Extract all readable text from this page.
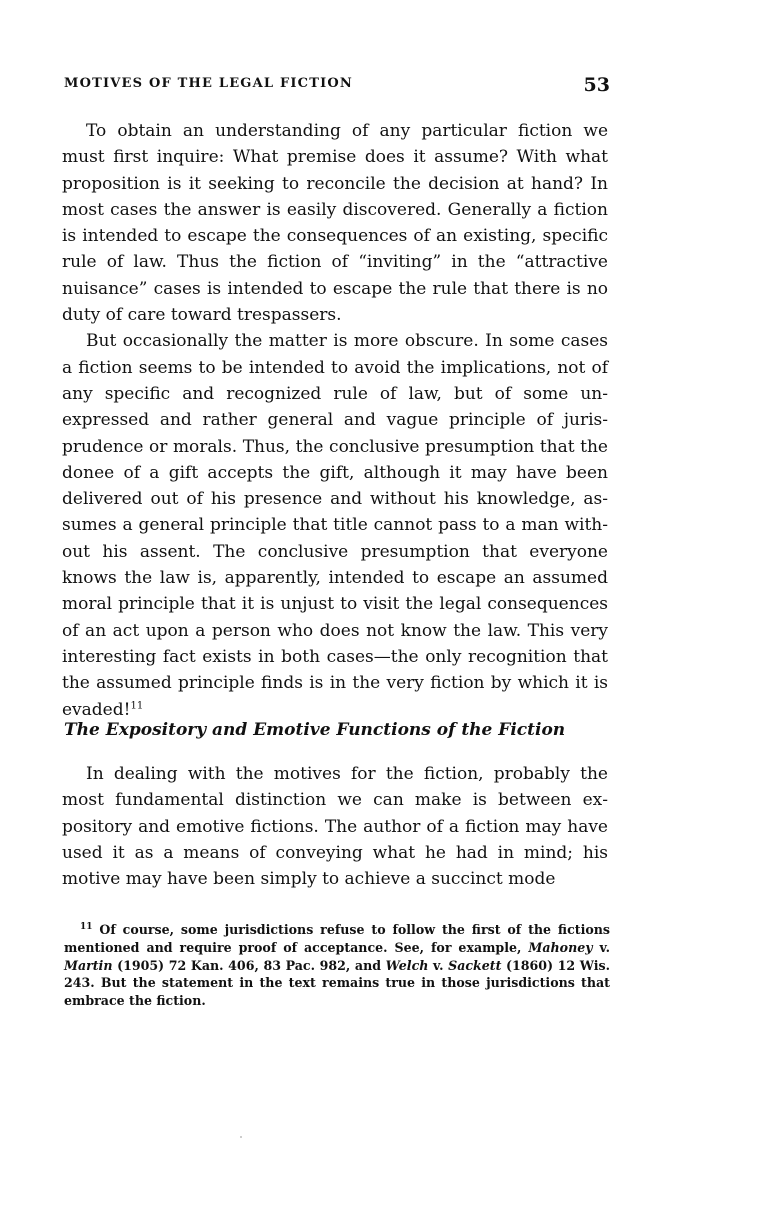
MOTIVES OF THE LEGAL FICTION	53

To obtain an understanding of any particular fiction we must first inquire: What premise does it assume? With what proposition is it seeking to reconcile the decision at hand? In most cases the answer is easily discovered. Generally a fiction is intended to escape the consequences of an existing, specific rule of law. Thus the fiction of “inviting” in the “attractive nuisance” cases is intended to escape the rule that there is no duty of care toward trespassers.

But occasionally the matter is more obscure. In some cases a fiction seems to be intended to avoid the implications, not of any specific and recognized rule of law, but of some unexpressed and rather general and vague principle of jurisprudence or morals. Thus, the conclusive presumption that the donee of a gift accepts the gift, although it may have been delivered out of his presence and without his knowledge, assumes a general principle that title cannot pass to a man without his assent. The conclusive presumption that everyone knows the law is, apparently, intended to escape an assumed moral principle that it is unjust to visit the legal consequences of an act upon a person who does not know the law. This very interesting fact exists in both cases—the only recognition that the assumed principle finds is in the very fiction by which it is evaded!$^{11}$

The Expository and Emotive Functions of the Fiction

In dealing with the motives for the fiction, probably the most fundamental distinction we can make is between expository and emotive fictions. The author of a fiction may have used it as a means of conveying what he had in mind; his motive may have been simply to achieve a succinct mode

$^{11}$ Of course, some jurisdictions refuse to follow the first of the fictions mentioned and require proof of acceptance. See, for example, Mahoney v. Martin (1905) 72 Kan. 406, 83 Pac. 982, and Welch v. Sackett (1860) 12 Wis. 243. But the statement in the text remains true in those jurisdictions that embrace the fiction.
